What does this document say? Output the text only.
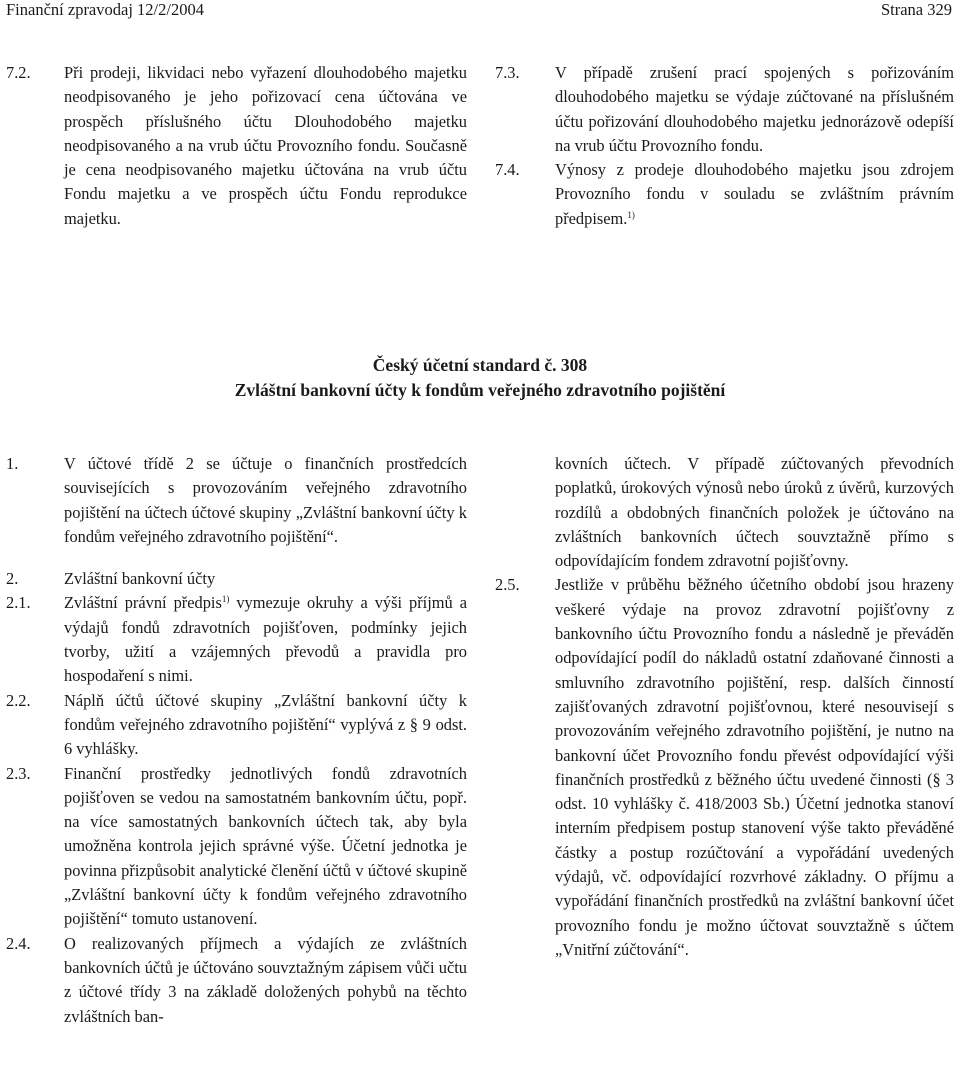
Finanční zpravodaj 12/2/2004	Strana 329
7.2.	Při prodeji, likvidaci nebo vyřazení dlouhodobého majetku neodpisovaného je jeho pořizovací cena účtována ve prospěch příslušného účtu Dlouhodobého majetku neodpisovaného a na vrub účtu Provozního fondu. Současně je cena neodpisovaného majetku účtována na vrub účtu Fondu majetku a ve prospěch účtu Fondu reprodukce majetku.
7.3.	V případě zrušení prací spojených s pořizováním dlouhodobého majetku se výdaje zúčtované na příslušném účtu pořizování dlouhodobého majetku jednorázově odepíší na vrub účtu Provozního fondu.
7.4.	Výnosy z prodeje dlouhodobého majetku jsou zdrojem Provozního fondu v souladu se zvláštním právním předpisem.$^{1)}$
Český účetní standard č. 308
Zvláštní bankovní účty k fondům veřejného zdravotního pojištění
1.	V účtové třídě 2 se účtuje o finančních prostředcích souvisejících s provozováním veřejného zdravotního pojištění na účtech účtové skupiny „Zvláštní bankovní účty k fondům veřejného zdravotního pojištění“.
2.	Zvláštní bankovní účty
2.1.	Zvláštní právní předpis$^{1)}$ vymezuje okruhy a výši příjmů a výdajů fondů zdravotních pojišťoven, podmínky jejich tvorby, užití a vzájemných převodů a pravidla pro hospodaření s nimi.
2.2.	Náplň účtů účtové skupiny „Zvláštní bankovní účty k fondům veřejného zdravotního pojištění“ vyplývá z § 9 odst. 6 vyhlášky.
2.3.	Finanční prostředky jednotlivých fondů zdravotních pojišťoven se vedou na samostatném bankovním účtu, popř. na více samostatných bankovních účtech tak, aby byla umožněna kontrola jejich správné výše. Účetní jednotka je povinna přizpůsobit analytické členění účtů v účtové skupině „Zvláštní bankovní účty k fondům veřejného zdravotního pojištění“ tomuto ustanovení.
2.4.	O realizovaných příjmech a výdajích ze zvláštních bankovních účtů je účtováno souvztažným zápisem vůči učtu z účtové třídy 3 na základě doložených pohybů na těchto zvláštních ban-
kovních účtech. V případě zúčtovaných převodních poplatků, úrokových výnosů nebo úroků z úvěrů, kurzových rozdílů a obdobných finančních položek je účtováno na zvláštních bankovních účtech souvztažně přímo s odpovídajícím fondem zdravotní pojišťovny.
2.5.	Jestliže v průběhu běžného účetního období jsou hrazeny veškeré výdaje na provoz zdravotní pojišťovny z bankovního účtu Provozního fondu a následně je převáděn odpovídající podíl do nákladů ostatní zdaňované činnosti a smluvního zdravotního pojištění, resp. dalších činností zajišťovaných zdravotní pojišťovnou, které nesouvisejí s provozováním veřejného zdravotního pojištění, je nutno na bankovní účet Provozního fondu převést odpovídající výši finančních prostředků z běžného účtu uvedené činnosti (§ 3 odst. 10 vyhlášky č. 418/2003 Sb.) Účetní jednotka stanoví interním předpisem postup stanovení výše takto převáděné částky a postup rozúčtování a vypořádání uvedených výdajů, vč. odpovídající rozvrhové základny. O příjmu a vypořádání finančních prostředků na zvláštní bankovní účet provozního fondu je možno účtovat souvztažně s účtem „Vnitřní zúčtování“.
